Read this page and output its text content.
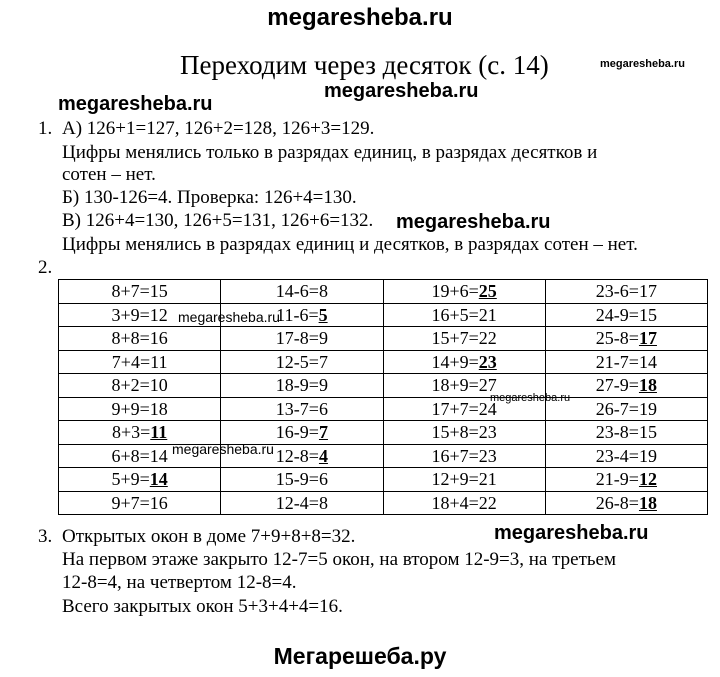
megaresheba.ru
Переходим через десяток (с. 14)	megaresheba.ru
megaresheba.ru
megaresheba.ru
1. А) 126+1=127, 126+2=128, 126+3=129.
Цифры менялись только в разрядах единиц, в разрядах десятков и
сотен – нет.
Б) 130-126=4. Проверка: 126+4=130.
В) 126+4=130, 126+5=131, 126+6=132.
Цифры менялись в разрядах единиц и десятков, в разрядах сотен – нет.
megaresheba.ru
2.
8+7=15	14-6=8	19+6=25	23-6=17
3+9=12	11-6=5	16+5=21	24-9=15
8+8=16	17-8=9	15+7=22	25-8=17
7+4=11	12-5=7	14+9=23	21-7=14
8+2=10	18-9=9	18+9=27	27-9=18
9+9=18	13-7=6	17+7=24	26-7=19
8+3=11	16-9=7	15+8=23	23-8=15
6+8=14	12-8=4	16+7=23	23-4=19
5+9=14	15-9=6	12+9=21	21-9=12
9+7=16	12-4=8	18+4=22	26-8=18
megaresheba.ru
megaresheba.ru
megaresheba.ru
3. Открытых окон в доме 7+9+8+8=32.
На первом этаже закрыто 12-7=5 окон, на втором 12-9=3, на третьем
12-8=4, на четвертом 12-8=4.
Всего закрытых окон 5+3+4+4=16.
megaresheba.ru
Мегарешеба.ру
